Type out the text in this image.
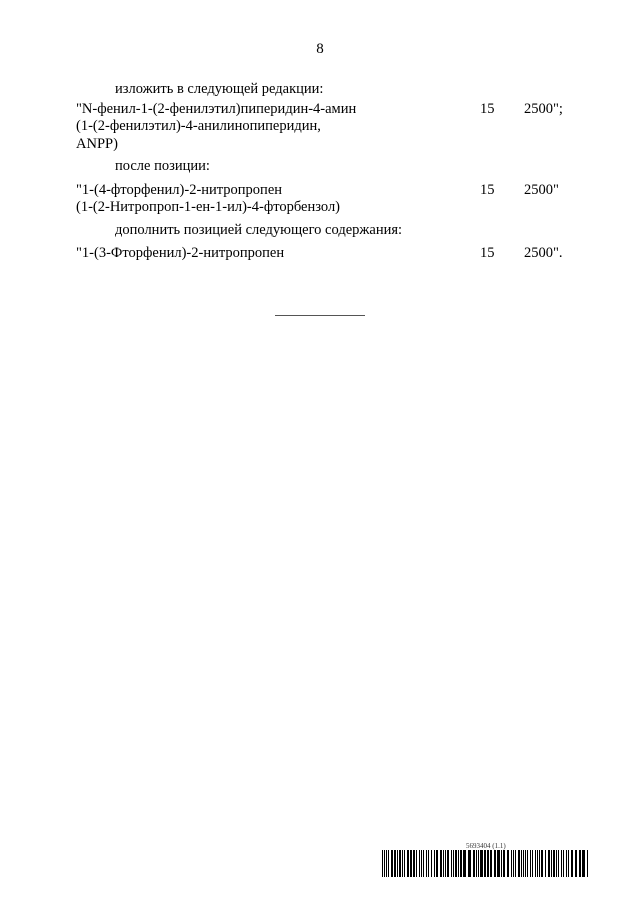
8
изложить в следующей редакции:
"N-фенил-1-(2-фенилэтил)пиперидин-4-амин
(1-(2-фенилэтил)-4-анилинопиперидин,
ANPP)
15 2500";
после позиции:
"1-(4-фторфенил)-2-нитропропен
(1-(2-Нитропроп-1-ен-1-ил)-4-фторбензол)
15 2500"
дополнить позицией следующего содержания:
"1-(3-Фторфенил)-2-нитропропен	15 2500".
5693404 (1.1)
